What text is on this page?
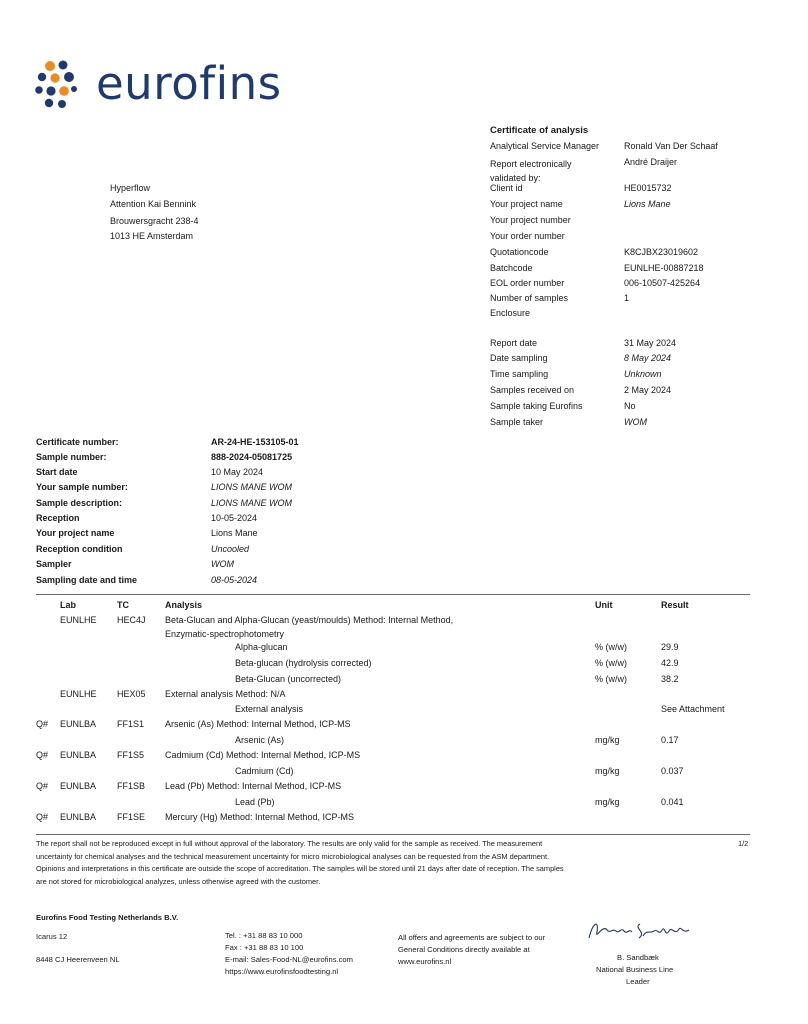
eurofins
Hyperflow
Attention Kai Bennink
Brouwersgracht 238-4
1013 HE Amsterdam
Certificate of analysis
Analytical Service Manager	Ronald Van Der Schaaf
Report electronically
validated by:
André Draijer
Client id	HE0015732
Your project name	Lions Mane
Your project number
Your order number
Quotationcode	K8CJBX23019602
Batchcode	EUNLHE-00887218
EOL order number	006-10507-425264
Number of samples	1
Enclosure
Report date	31 May 2024
Date sampling	8 May 2024
Time sampling	Unknown
Samples received on	2 May 2024
Sample taking Eurofins	No
Sample taker	WOM
Certificate number:	AR-24-HE-153105-01
Sample number:	888-2024-05081725
Start date	10 May 2024
Your sample number:	LIONS MANE WOM
Sample description:	LIONS MANE WOM
Reception	10-05-2024
Your project name	Lions Mane
Reception condition	Uncooled
Sampler	WOM
Sampling date and time	08-05-2024
Lab	TC	Analysis	Unit	Result
EUNLHE HEC4J Beta-Glucan and Alpha-Glucan (yeast/moulds) Method: Internal Method,
Enzymatic-spectrophotometry
Alpha-glucan	% (w/w)	29.9
Beta-glucan (hydrolysis corrected)	% (w/w)	42.9
Beta-Glucan (uncorrected)	% (w/w)	38.2
EUNLHE HEX05 External analysis Method: N/A
External analysis	See Attachment
Q# EUNLBA FF1S1 Arsenic (As) Method: Internal Method, ICP-MS
Arsenic (As)	mg/kg	0.17
Q# EUNLBA FF1S5 Cadmium (Cd) Method: Internal Method, ICP-MS
Cadmium (Cd)	mg/kg	0.037
Q# EUNLBA FF1SB Lead (Pb) Method: Internal Method, ICP-MS
Lead (Pb)	mg/kg	0.041
Q# EUNLBA FF1SE Mercury (Hg) Method: Internal Method, ICP-MS
The report shall not be reproduced except in full without approval of the laboratory. The results are only valid for the sample as received. The measurement
uncertainty for chemical analyses and the technical measurement uncertainty for micro microbiological analyses can be requested from the ASM department.
Opinions and interpretations in this certificate are outside the scope of accreditation. The samples will be stored until 21 days after date of reception. The samples
are not stored for microbiological analyzes, unless otherwise agreed with the customer.
1/2
Eurofins Food Testing Netherlands B.V.
Icarus 12
8448 CJ Heerenveen NL
Tel. : +31 88 83 10 000
Fax : +31 88 83 10 100
E-mail: Sales-Food-NL@eurofins.com
https://www.eurofinsfoodtesting.nl
All offers and agreements are subject to our
General Conditions directly available at
www.eurofins.nl	B. Sandbæk
National Business Line
Leader
